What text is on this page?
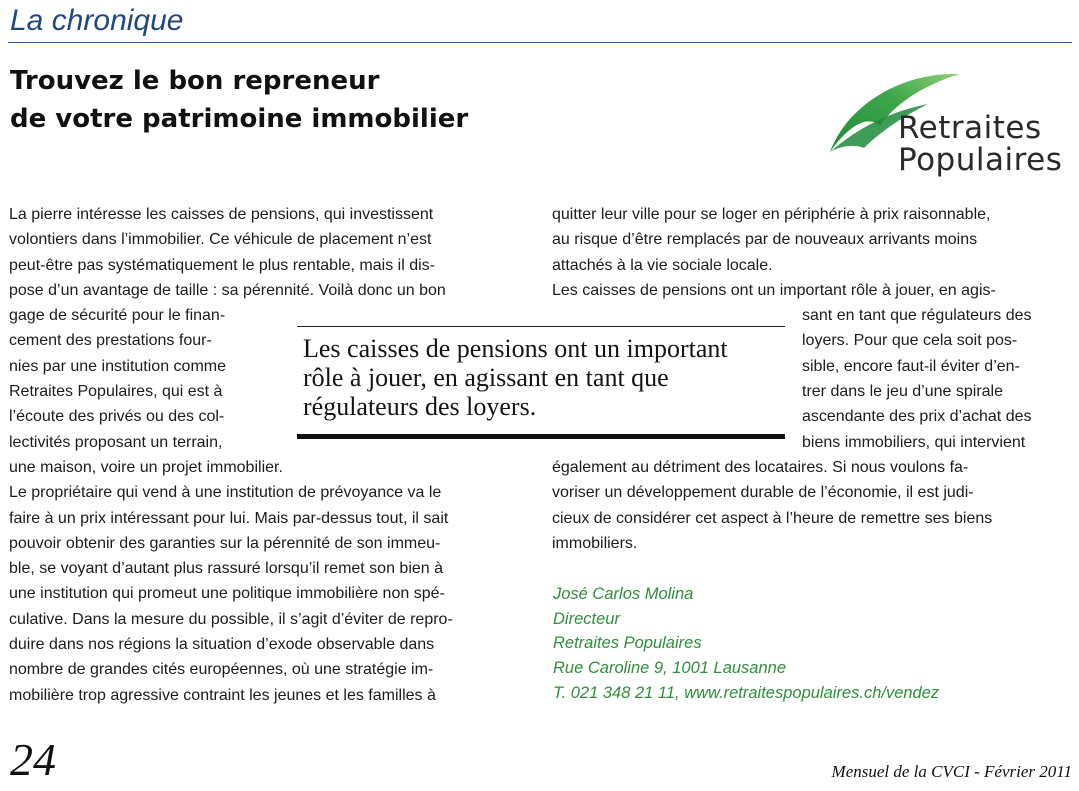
La chronique
Trouvez le bon repreneur
de votre patrimoine immobilier	Retraites
Populaires
La pierre intéresse les caisses de pensions, qui investissent
volontiers dans l’immobilier. Ce véhicule de placement n’est
peut-être pas systématiquement le plus rentable, mais il dis-
pose d’un avantage de taille : sa pérennité. Voilà donc un bon
gage de sécurité pour le finan-
cement des prestations four-
nies par une institution comme
Retraites Populaires, qui est à
l’écoute des privés ou des col-
lectivités proposant un terrain,
une maison, voire un projet immobilier.
Le propriétaire qui vend à une institution de prévoyance va le
faire à un prix intéressant pour lui. Mais par-dessus tout, il sait
pouvoir obtenir des garanties sur la pérennité de son immeu-
ble, se voyant d’autant plus rassuré lorsqu’il remet son bien à
une institution qui promeut une politique immobilière non spé-
culative. Dans la mesure du possible, il s’agit d’éviter de repro-
duire dans nos régions la situation d’exode observable dans
nombre de grandes cités européennes, où une stratégie im-
mobilière trop agressive contraint les jeunes et les familles à
quitter leur ville pour se loger en périphérie à prix raisonnable,
au risque d’être remplacés par de nouveaux arrivants moins
attachés à la vie sociale locale.
Les caisses de pensions ont un important rôle à jouer, en agis-
sant en tant que régulateurs des
loyers. Pour que cela soit pos-
sible, encore faut-il éviter d’en-
trer dans le jeu d’une spirale
ascendante des prix d’achat des
biens immobiliers, qui intervient
également au détriment des locataires. Si nous voulons fa-
voriser un développement durable de l’économie, il est judi-
cieux de considérer cet aspect à l’heure de remettre ses biens
immobiliers.
Les caisses de pensions ont un important
rôle à jouer, en agissant en tant que
régulateurs des loyers.
José Carlos Molina
Directeur
Retraites Populaires
Rue Caroline 9, 1001 Lausanne
T. 021 348 21 11, www.retraitespopulaires.ch/vendez
24	Mensuel de la CVCI - Février 2011
